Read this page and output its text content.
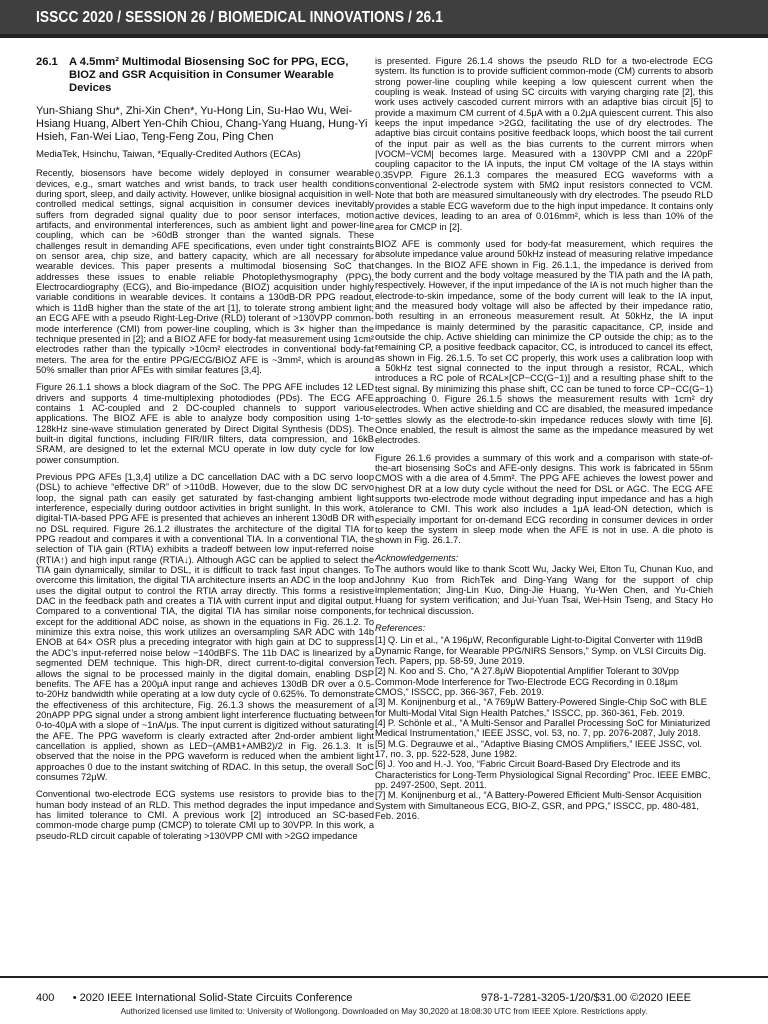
ISSCC 2020 / SESSION 26 / BIOMEDICAL INNOVATIONS / 26.1
26.1	A 4.5mm² Multimodal Biosensing SoC for PPG, ECG, BIOZ and GSR Acquisition in Consumer Wearable Devices
Yun-Shiang Shu*, Zhi-Xin Chen*, Yu-Hong Lin, Su-Hao Wu, Wei-Hsiang Huang, Albert Yen-Chih Chiou, Chang-Yang Huang, Hung-Yi Hsieh, Fan-Wei Liao, Teng-Feng Zou, Ping Chen
MediaTek, Hsinchu, Taiwan, *Equally-Credited Authors (ECAs)

Recently, biosensors have become widely deployed in consumer wearable devices, e.g., smart watches and wrist bands, to track user health conditions during sport, sleep, and daily activity. However, unlike biosignal acquisition in well-controlled medical settings, signal acquisition in consumer devices inevitably suffers from degraded signal quality due to poor sensor interfaces, motion artifacts, and environmental interferences, such as ambient light and power-line coupling, which can be >60dB stronger than the wanted signals. These challenges result in demanding AFE specifications, even under tight constraints on sensor area, chip size, and battery capacity, which are all necessary for wearable devices. This paper presents a multimodal biosensing SoC that addresses these issues to enable reliable Photoplethysmography (PPG), Electrocardiography (ECG), and Bio-impedance (BIOZ) acquisition under highly variable conditions in wearable devices. It contains a 130dB-DR PPG readout, which is 11dB higher than the state of the art [1], to tolerate strong ambient light; an ECG AFE with a pseudo Right-Leg-Drive (RLD) tolerant of >130VPP common-mode interference (CMI) from power-line coupling, which is 3× higher than the technique presented in [2]; and a BIOZ AFE for body-fat measurement using 1cm² electrodes rather than the typically >10cm² electrodes in conventional body-fat meters. The area for the entire PPG/ECG/BIOZ AFE is ~3mm², which is around 50% smaller than prior AFEs with similar features [3,4].

Figure 26.1.1 shows a block diagram of the SoC. The PPG AFE includes 12 LED drivers and supports 4 time-multiplexing photodiodes (PDs). The ECG AFE contains 1 AC-coupled and 2 DC-coupled channels to support various applications. The BIOZ AFE is able to analyze body composition using 1-to-128kHz sine-wave stimulation generated by Direct Digital Synthesis (DDS). The built-in digital functions, including FIR/IIR filters, data compression, and 16kB SRAM, are designed to let the external MCU operate in low duty cycle for low power consumption.

Previous PPG AFEs [1,3,4] utilize a DC cancellation DAC with a DC servo loop (DSL) to achieve “effective DR” of >110dB. However, due to the slow DC servo loop, the signal path can easily get saturated by fast-changing ambient light interference, especially during outdoor activities in bright sunlight. In this work, a digital-TIA-based PPG AFE is presented that achieves an inherent 130dB DR with no DSL required. Figure 26.1.2 illustrates the architecture of the digital TIA for PPG readout and compares it with a conventional TIA. In a conventional TIA, the selection of TIA gain (RTIA) exhibits a tradeoff between low input-referred noise (RTIA↑) and high input range (RTIA↓). Although AGC can be applied to select the TIA gain dynamically, similar to DSL, it is difficult to track fast input changes. To overcome this limitation, the digital TIA architecture inserts an ADC in the loop and uses the digital output to control the RTIA array directly. This forms a resistive DAC in the feedback path and creates a TIA with current input and digital output. Compared to a conventional TIA, the digital TIA has similar noise components, except for the additional ADC noise, as shown in the equations in Fig. 26.1.2. To minimize this extra noise, this work utilizes an oversampling SAR ADC with 14b ENOB at 64× OSR plus a preceding integrator with high gain at DC to suppress the ADC’s input-referred noise below −140dBFS. The 11b DAC is linearized by a segmented DEM technique. This high-DR, direct current-to-digital conversion allows the signal to be processed mainly in the digital domain, enabling DSP benefits. The AFE has a 200μA input range and achieves 130dB DR over a 0.5-to-20Hz bandwidth while operating at a low duty cycle of 0.625%. To demonstrate the effectiveness of this architecture, Fig. 26.1.3 shows the measurement of a 20nAPP PPG signal under a strong ambient light interference fluctuating between 0-to-40μA with a slope of ~1nA/μs. The input current is digitized without saturating the AFE. The PPG waveform is clearly extracted after 2nd-order ambient light cancellation is applied, shown as LED−(AMB1+AMB2)/2 in Fig. 26.1.3. It is observed that the noise in the PPG waveform is reduced when the ambient light approaches 0 due to the instant switching of RDAC. In this setup, the overall SoC consumes 72μW.

Conventional two-electrode ECG systems use resistors to provide bias to the human body instead of an RLD. This method degrades the input impedance and has limited tolerance to CMI. A previous work [2] introduced an SC-based common-mode charge pump (CMCP) to tolerate CMI up to 30VPP. In this work, a pseudo-RLD circuit capable of tolerating >130VPP CMI with >2GΩ impedance

is presented. Figure 26.1.4 shows the pseudo RLD for a two-electrode ECG system. Its function is to provide sufficient common-mode (CM) currents to absorb strong power-line coupling while keeping a low quiescent current when the coupling is weak. Instead of using SC circuits with varying charging rate [2], this work uses actively cascoded current mirrors with an adaptive bias circuit [5] to provide a maximum CM current of 4.5μA with a 0.2μA quiescent current. This also keeps the input impedance >2GΩ, facilitating the use of dry electrodes. The adaptive bias circuit contains positive feedback loops, which boost the tail current of the input pair as well as the bias currents to the current mirrors when |VOCM−VCM| becomes large. Measured with a 130VPP CMI and a 220pF coupling capacitor to the IA inputs, the input CM voltage of the IA stays within 0.35VPP. Figure 26.1.3 compares the measured ECG waveforms with a conventional 2-electrode system with 5MΩ input resistors connected to VCM. Note that both are measured simultaneously with dry electrodes. The pseudo RLD provides a stable ECG waveform due to the high input impedance. It contains only active devices, leading to an area of 0.016mm², which is less than 10% of the area for CMCP in [2].

BIOZ AFE is commonly used for body-fat measurement, which requires the absolute impedance value around 50kHz instead of measuring relative impedance changes. In the BIOZ AFE shown in Fig. 26.1.1, the impedance is derived from the body current and the body voltage measured by the TIA path and the IA path, respectively. However, if the input impedance of the IA is not much higher than the electrode-to-skin impedance, some of the body current will leak to the IA input, and the measured body voltage will also be affected by their impedance ratio, both resulting in an erroneous measurement result. At 50kHz, the IA input impedance is mainly determined by the parasitic capacitance, CP, inside and outside the chip. Active shielding can minimize the CP outside the chip; as to the remaining CP, a positive feedback capacitor, CC, is introduced to cancel its effect, as shown in Fig. 26.1.5. To set CC properly, this work uses a calibration loop with a 50kHz test signal connected to the input through a resistor, RCAL, which introduces a RC pole of RCAL×[CP−CC(G−1)] and a resulting phase shift to the test signal. By minimizing this phase shift, CC can be tuned to force CP−CC(G−1) approaching 0. Figure 26.1.5 shows the measurement results with 1cm² dry electrodes. When active shielding and CC are disabled, the measured impedance settles slowly as the electrode-to-skin impedance reduces slowly with time [6]. Once enabled, the result is almost the same as the impedance measured by wet electrodes.

Figure 26.1.6 provides a summary of this work and a comparison with state-of-the-art biosensing SoCs and AFE-only designs. This work is fabricated in 55nm CMOS with a die area of 4.5mm². The PPG AFE achieves the lowest power and highest DR at a low duty cycle without the need for DSL or AGC. The ECG AFE supports two-electrode mode without degrading input impedance and has a high tolerance to CMI. This work also includes a 1μA lead-ON detection, which is especially important for on-demand ECG recording in consumer devices in order to keep the system in sleep mode when the AFE is not in use. A die photo is shown in Fig. 26.1.7.

Acknowledgements:

The authors would like to thank Scott Wu, Jacky Wei, Elton Tu, Chunan Kuo, and Johnny Kuo from RichTek and Ding-Yang Wang for the support of chip implementation; Jing-Lin Kuo, Ding-Jie Huang, Yu-Wen Chen, and Yu-Chieh Huang for system verification; and Jui-Yuan Tsai, Wei-Hsin Tseng, and Stacy Ho for technical discussion.

References:

[1] Q. Lin et al., “A 196μW, Reconfigurable Light-to-Digital Converter with 119dB Dynamic Range, for Wearable PPG/NIRS Sensors,” Symp. on VLSI Circuits Dig. Tech. Papers, pp. 58-59, June 2019.

[2] N. Koo and S. Cho, “A 27.8μW Biopotential Amplifier Tolerant to 30Vpp Common-Mode Interference for Two-Electrode ECG Recording in 0.18μm CMOS,” ISSCC, pp. 366-367, Feb. 2019.

[3] M. Konijnenburg et al., “A 769μW Battery-Powered Single-Chip SoC with BLE for Multi-Modal Vital Sign Health Patches,” ISSCC, pp. 360-361, Feb. 2019.

[4] P. Schönle et al., “A Multi-Sensor and Parallel Processing SoC for Miniaturized Medical Instrumentation,” IEEE JSSC, vol. 53, no. 7, pp. 2076-2087, July 2018.

[5] M.G. Degrauwe et al., “Adaptive Biasing CMOS Amplifiers,” IEEE JSSC, vol. 17, no. 3, pp. 522-528, June 1982.

[6] J. Yoo and H.-J. Yoo, “Fabric Circuit Board-Based Dry Electrode and its Characteristics for Long-Term Physiological Signal Recording” Proc. IEEE EMBC, pp. 2497-2500, Sept. 2011.

[7] M. Konijnenburg et al., “A Battery-Powered Efficient Multi-Sensor Acquisition System with Simultaneous ECG, BIO-Z, GSR, and PPG,” ISSCC, pp. 480-481, Feb. 2016.

400 • 2020 IEEE International Solid-State Circuits Conference	978-1-7281-3205-1/20/$31.00 ©2020 IEEE
Authorized licensed use limited to: University of Wollongong. Downloaded on May 30,2020 at 18:08:30 UTC from IEEE Xplore. Restrictions apply.
